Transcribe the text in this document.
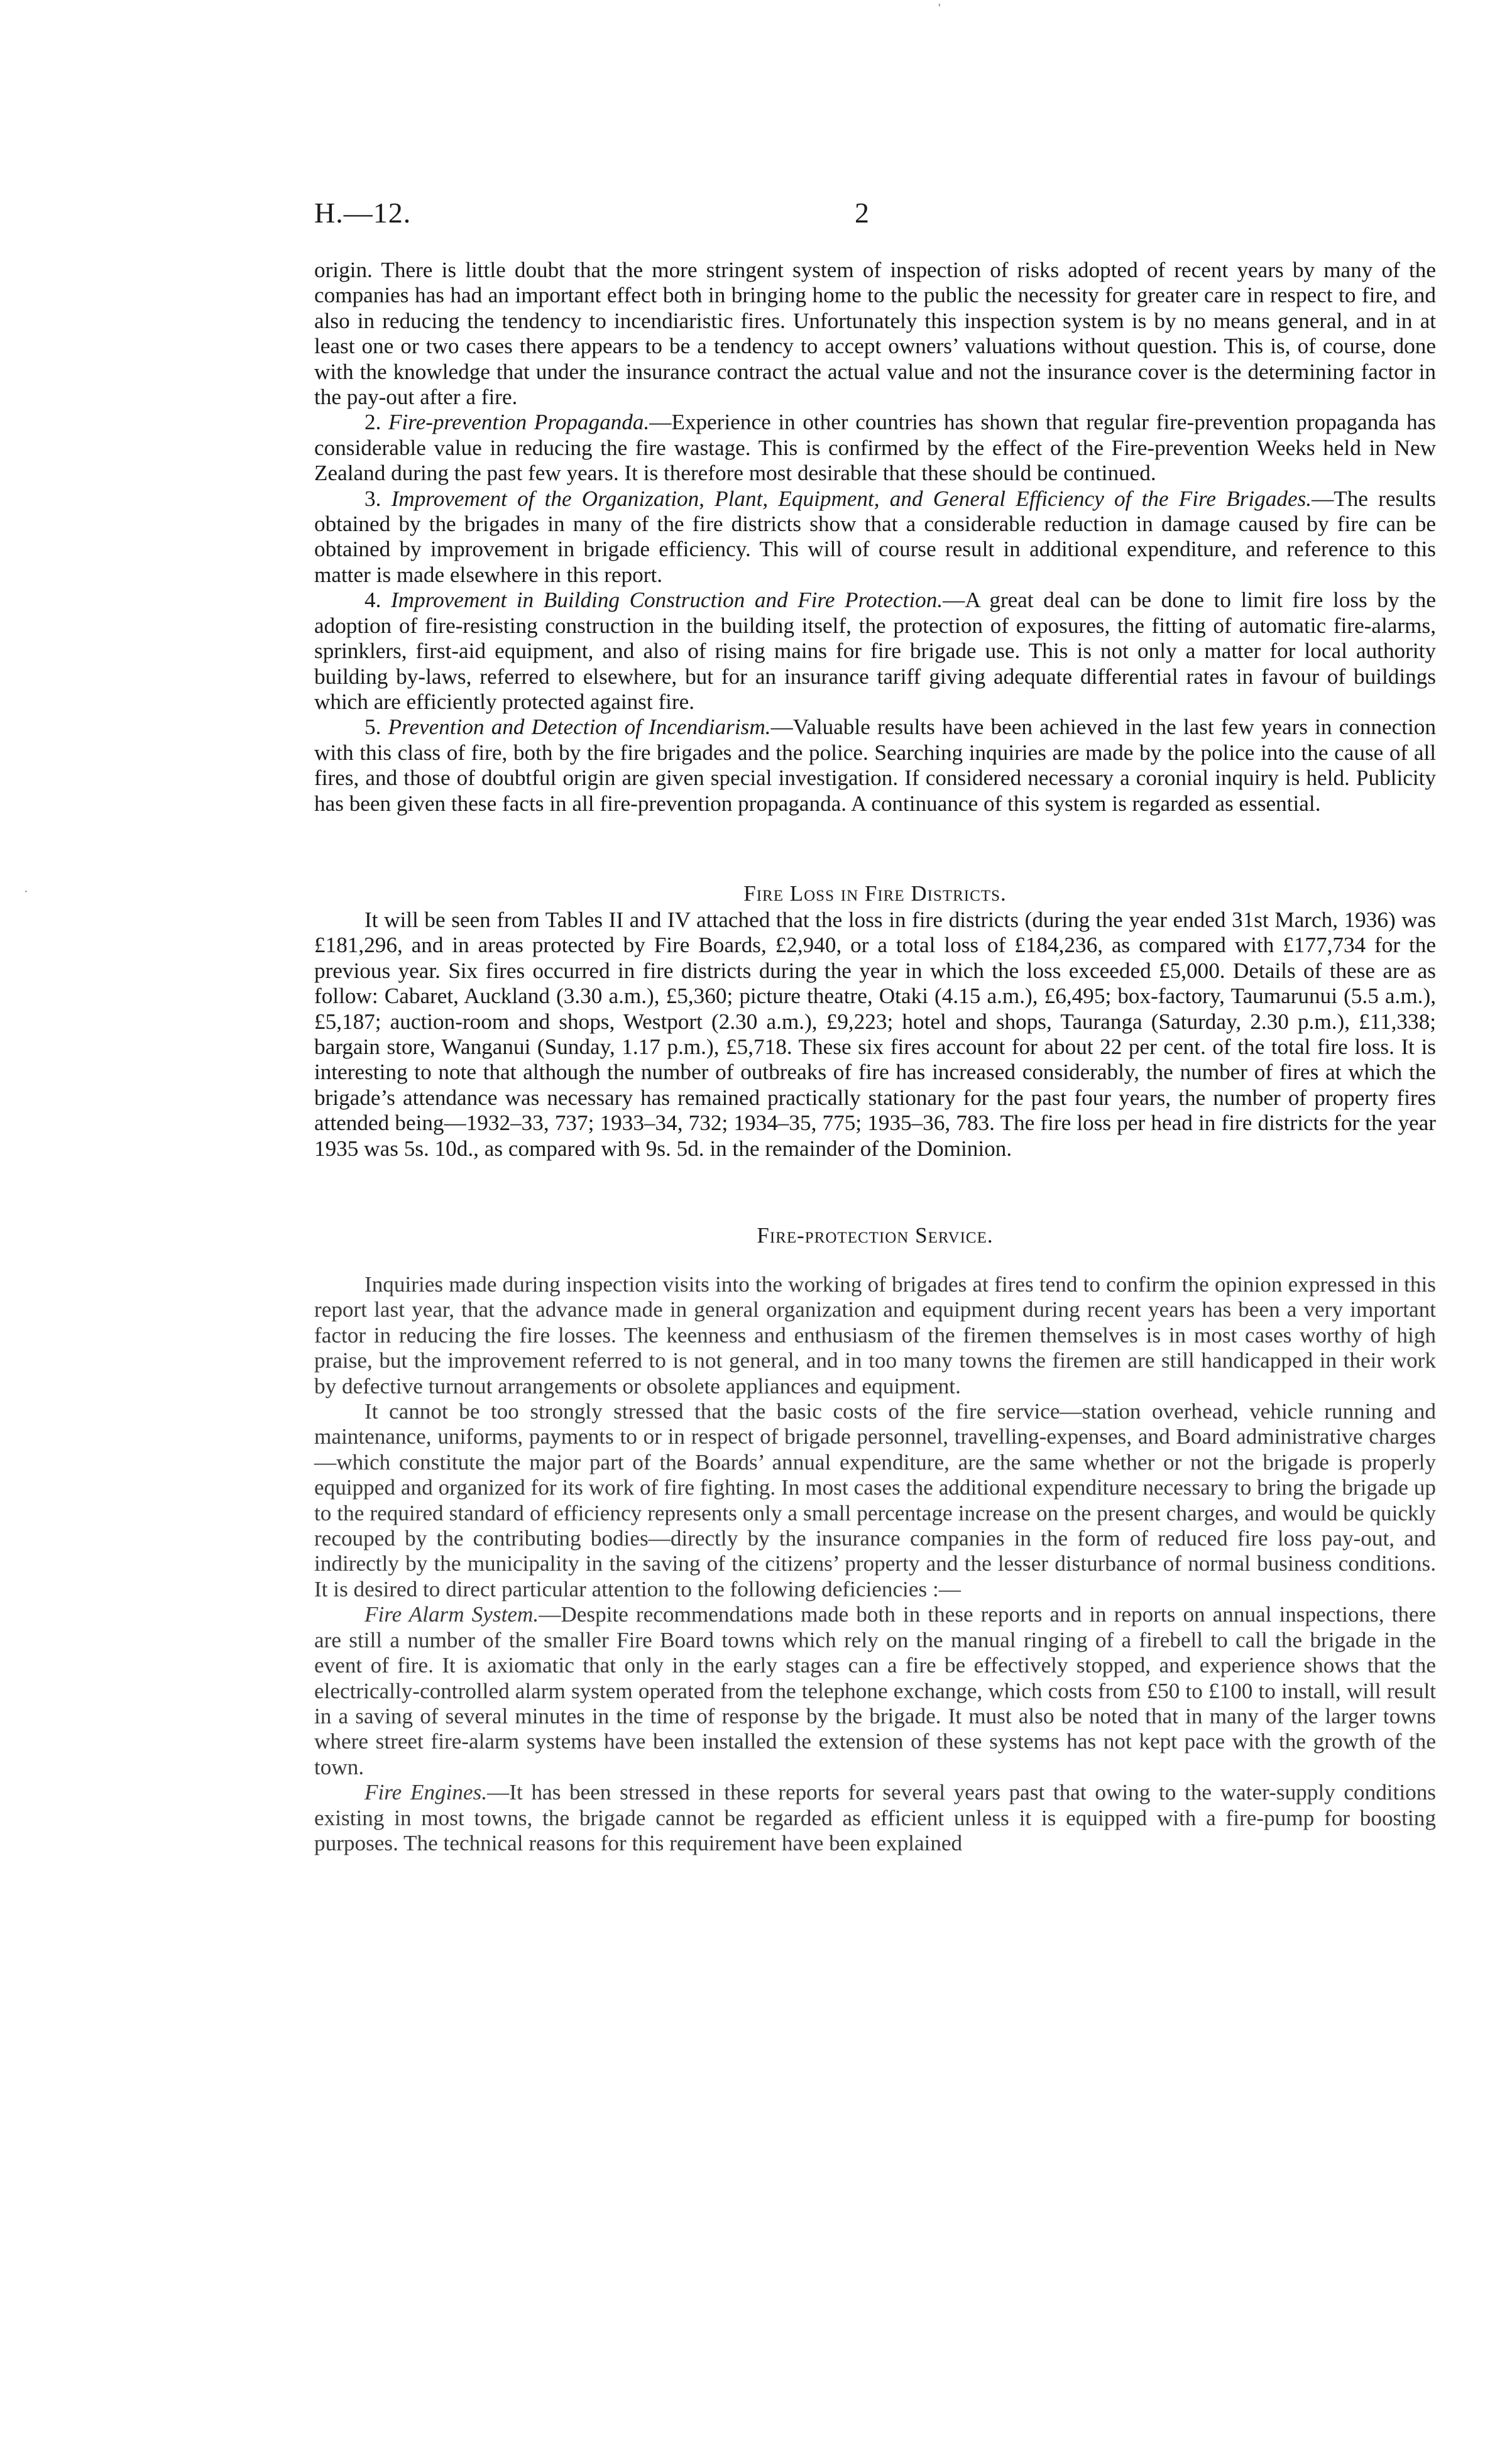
'
·
H.—12.	2

origin. There is little doubt that the more stringent system of inspection of risks adopted of recent years by many of the companies has had an important effect both in bringing home to the public the necessity for greater care in respect to fire, and also in reducing the tendency to incendiaristic fires. Unfortunately this inspection system is by no means general, and in at least one or two cases there appears to be a tendency to accept owners’ valuations without question. This is, of course, done with the knowledge that under the insurance contract the actual value and not the insurance cover is the determining factor in the pay-out after a fire.

2. Fire-prevention Propaganda.—Experience in other countries has shown that regular fire-prevention propaganda has considerable value in reducing the fire wastage. This is confirmed by the effect of the Fire-prevention Weeks held in New Zealand during the past few years. It is therefore most desirable that these should be continued.

3. Improvement of the Organization, Plant, Equipment, and General Efficiency of the Fire Brigades.—The results obtained by the brigades in many of the fire districts show that a considerable reduction in damage caused by fire can be obtained by improvement in brigade efficiency. This will of course result in additional expenditure, and reference to this matter is made elsewhere in this report.

4. Improvement in Building Construction and Fire Protection.—A great deal can be done to limit fire loss by the adoption of fire-resisting construction in the building itself, the protection of exposures, the fitting of automatic fire-alarms, sprinklers, first-aid equipment, and also of rising mains for fire brigade use. This is not only a matter for local authority building by-laws, referred to elsewhere, but for an insurance tariff giving adequate differential rates in favour of buildings which are efficiently protected against fire.

5. Prevention and Detection of Incendiarism.—Valuable results have been achieved in the last few years in connection with this class of fire, both by the fire brigades and the police. Searching inquiries are made by the police into the cause of all fires, and those of doubtful origin are given special investigation. If considered necessary a coronial inquiry is held. Publicity has been given these facts in all fire-prevention propaganda. A continuance of this system is regarded as essential.

Fire Loss in Fire Districts.

It will be seen from Tables II and IV attached that the loss in fire districts (during the year ended 31st March, 1936) was £181,296, and in areas protected by Fire Boards, £2,940, or a total loss of £184,236, as compared with £177,734 for the previous year. Six fires occurred in fire districts during the year in which the loss exceeded £5,000. Details of these are as follow: Cabaret, Auckland (3.30 a.m.), £5,360; picture theatre, Otaki (4.15 a.m.), £6,495; box-factory, Taumarunui (5.5 a.m.), £5,187; auction-room and shops, Westport (2.30 a.m.), £9,223; hotel and shops, Tauranga (Saturday, 2.30 p.m.), £11,338; bargain store, Wanganui (Sunday, 1.17 p.m.), £5,718. These six fires account for about 22 per cent. of the total fire loss. It is interesting to note that although the number of outbreaks of fire has increased considerably, the number of fires at which the brigade’s attendance was necessary has remained practically stationary for the past four years, the number of property fires attended being—1932–33, 737; 1933–34, 732; 1934–35, 775; 1935–36, 783. The fire loss per head in fire districts for the year 1935 was 5s. 10d., as compared with 9s. 5d. in the remainder of the Dominion.

Fire-protection Service.

Inquiries made during inspection visits into the working of brigades at fires tend to confirm the opinion expressed in this report last year, that the advance made in general organization and equipment during recent years has been a very important factor in reducing the fire losses. The keenness and enthusiasm of the firemen themselves is in most cases worthy of high praise, but the improvement referred to is not general, and in too many towns the firemen are still handicapped in their work by defective turnout arrangements or obsolete appliances and equipment.

It cannot be too strongly stressed that the basic costs of the fire service—station overhead, vehicle running and maintenance, uniforms, payments to or in respect of brigade personnel, travelling-expenses, and Board administrative charges—which constitute the major part of the Boards’ annual expenditure, are the same whether or not the brigade is properly equipped and organized for its work of fire fighting. In most cases the additional expenditure necessary to bring the brigade up to the required standard of efficiency represents only a small percentage increase on the present charges, and would be quickly recouped by the contributing bodies—directly by the insurance companies in the form of reduced fire loss pay-out, and indirectly by the municipality in the saving of the citizens’ property and the lesser disturbance of normal business conditions. It is desired to direct particular attention to the following deficiencies :—

Fire Alarm System.—Despite recommendations made both in these reports and in reports on annual inspections, there are still a number of the smaller Fire Board towns which rely on the manual ringing of a firebell to call the brigade in the event of fire. It is axiomatic that only in the early stages can a fire be effectively stopped, and experience shows that the electrically-controlled alarm system operated from the telephone exchange, which costs from £50 to £100 to install, will result in a saving of several minutes in the time of response by the brigade. It must also be noted that in many of the larger towns where street fire-alarm systems have been installed the extension of these systems has not kept pace with the growth of the town.

Fire Engines.—It has been stressed in these reports for several years past that owing to the water-supply conditions existing in most towns, the brigade cannot be regarded as efficient unless it is equipped with a fire-pump for boosting purposes. The technical reasons for this requirement have been explained
